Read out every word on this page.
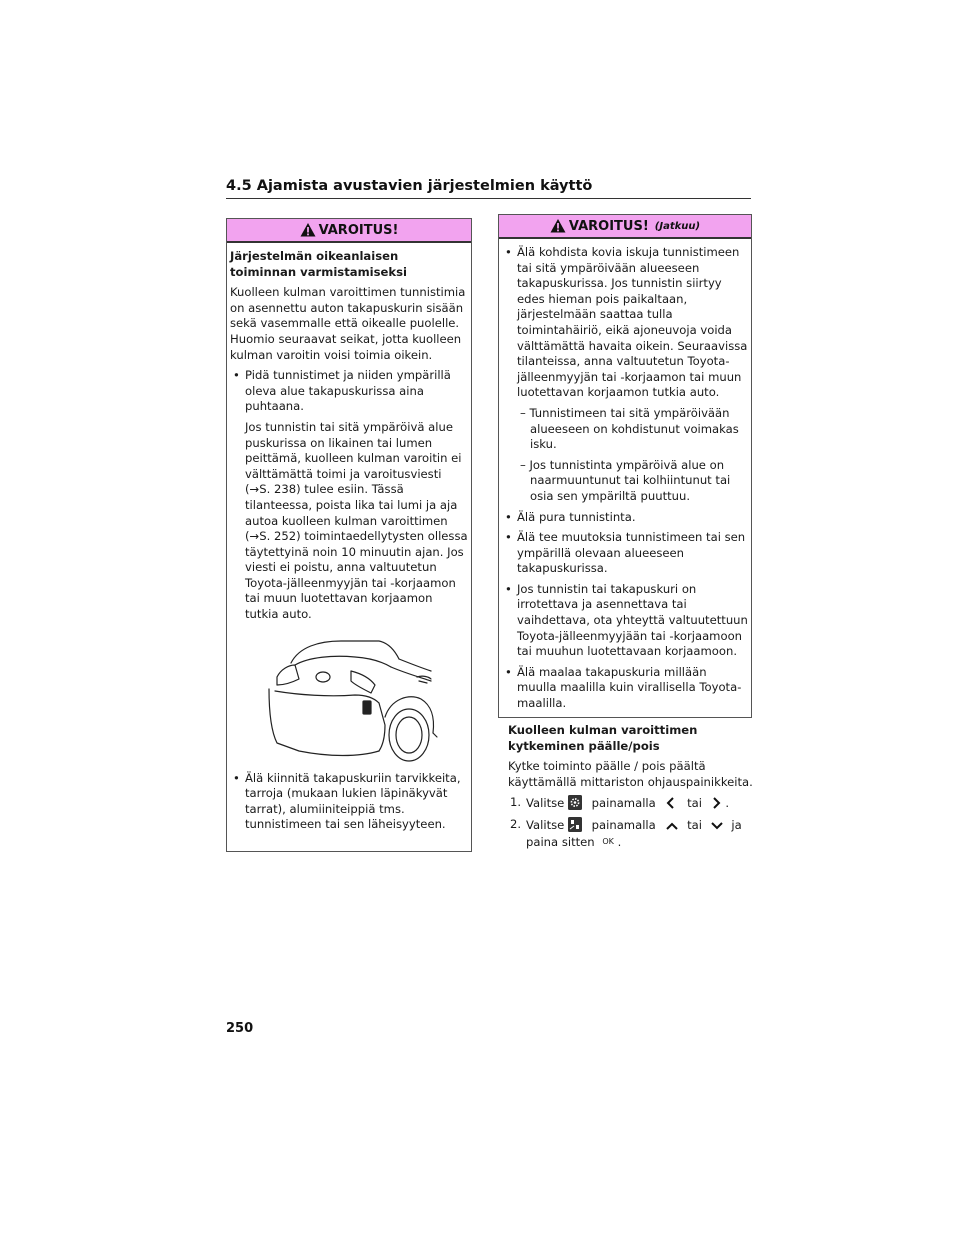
4.5 Ajamista avustavien järjestelmien käyttö
VAROITUS!

Järjestelmän oikeanlaisen toiminnan varmistamiseksi

Kuolleen kulman varoittimen tunnistimia on asennettu auton takapuskurin sisään sekä vasemmalle että oikealle puolelle. Huomio seuraavat seikat, jotta kuolleen kulman varoitin voisi toimia oikein.

• Pidä tunnistimet ja niiden ympärillä oleva alue takapuskurissa aina puhtaana.

Jos tunnistin tai sitä ympäröivä alue puskurissa on likainen tai lumen peittämä, kuolleen kulman varoitin ei välttämättä toimi ja varoitusviesti (→S. 238) tulee esiin. Tässä tilanteessa, poista lika tai lumi ja aja autoa kuolleen kulman varoittimen (→S. 252) toimintaedellytysten ollessa täytettyinä noin 10 minuutin ajan. Jos viesti ei poistu, anna valtuutetun Toyota-jälleenmyyjän tai -korjaamon tai muun luotettavan korjaamon tutkia auto.

• Älä kiinnitä takapuskuriin tarvikkeita, tarroja (mukaan lukien läpinäkyvät tarrat), alumiiniteippiä tms. tunnistimeen tai sen läheisyyteen.

VAROITUS! (Jatkuu)

• Älä kohdista kovia iskuja tunnistimeen tai sitä ympäröivään alueeseen takapuskurissa. Jos tunnistin siirtyy edes hieman pois paikaltaan, järjestelmään saattaa tulla toimintahäiriö, eikä ajoneuvoja voida välttämättä havaita oikein. Seuraavissa tilanteissa, anna valtuutetun Toyota-jälleenmyyjän tai -korjaamon tai muun luotettavan korjaamon tutkia auto.

– Tunnistimeen tai sitä ympäröivään alueeseen on kohdistunut voimakas isku.

– Jos tunnistinta ympäröivä alue on naarmuuntunut tai kolhiintunut tai osia sen ympäriltä puuttuu.

• Älä pura tunnistinta.

• Älä tee muutoksia tunnistimeen tai sen ympärillä olevaan alueeseen takapuskurissa.

• Jos tunnistin tai takapuskuri on irrotettava ja asennettava tai vaihdettava, ota yhteyttä valtuutettuun Toyota-jälleenmyyjään tai -korjaamoon tai muuhun luotettavaan korjaamoon.

• Älä maalaa takapuskuria millään muulla maalilla kuin virallisella Toyota-maalilla.

Kuolleen kulman varoittimen kytkeminen päälle/pois

Kytke toiminto päälle / pois päältä käyttämällä mittariston ohjauspainikkeita.

1. Valitse painamalla	tai .

2. Valitse painamalla	tai	ja
paina sitten OK .

250
